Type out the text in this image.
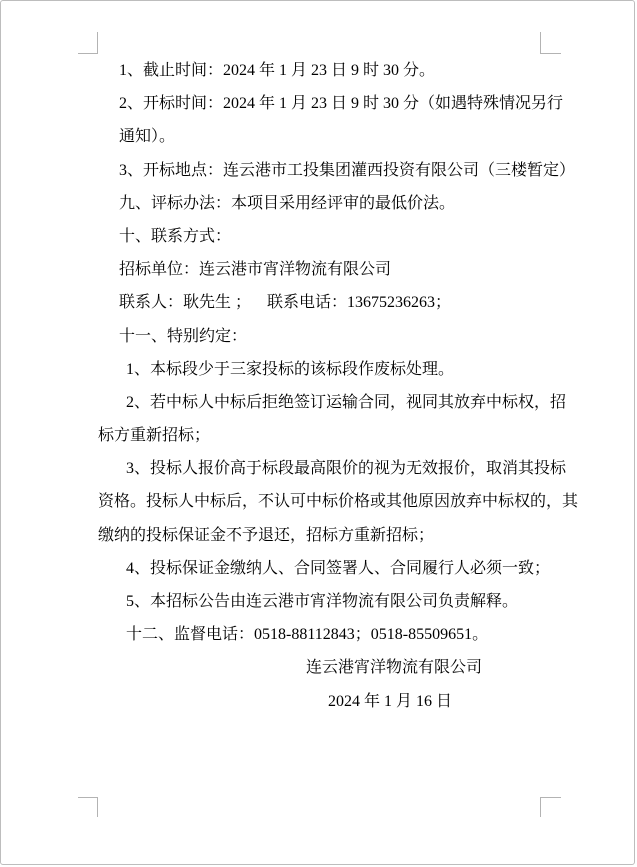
1、截止时间：2024 年 1 月 23 日 9 时 30 分。
2、开标时间：2024 年 1 月 23 日 9 时 30 分（如遇特殊情况另行
通知）。
3、开标地点：连云港市工投集团灌西投资有限公司（三楼暂定）
九、评标办法：本项目采用经评审的最低价法。
十、联系方式：
招标单位：连云港市宵洋物流有限公司
联系人：耿先生 ；    联系电话：13675236263；
十一、特别约定：
1、本标段少于三家投标的该标段作废标处理。
2、若中标人中标后拒绝签订运输合同，视同其放弃中标权，招
标方重新招标；
3、投标人报价高于标段最高限价的视为无效报价，取消其投标
资格。投标人中标后，不认可中标价格或其他原因放弃中标权的，其
缴纳的投标保证金不予退还，招标方重新招标；
4、投标保证金缴纳人、合同签署人、合同履行人必须一致；
5、本招标公告由连云港市宵洋物流有限公司负责解释。
十二、监督电话：0518-88112843；0518-85509651。
连云港宵洋物流有限公司
2024 年 1 月 16 日
